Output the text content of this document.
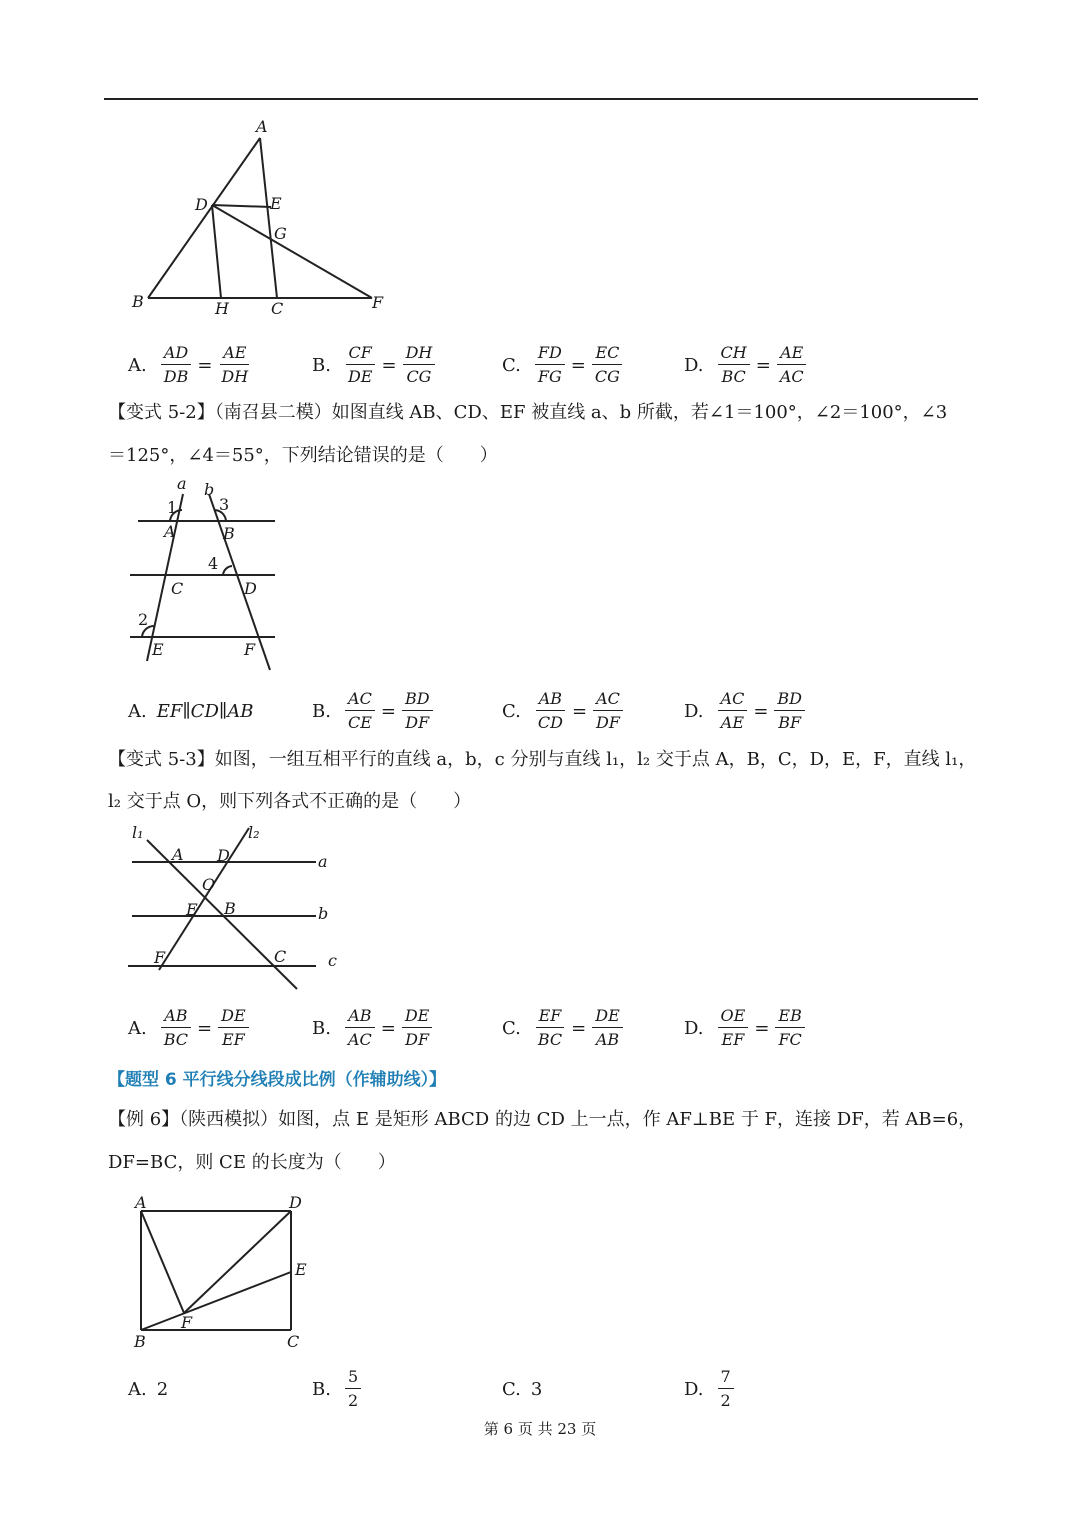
A
D	E
G
B	H	C	F
A. $\frac{AD}{DB} = \frac{AE}{DH}$	B. $\frac{CF}{DE} = \frac{DH}{CG}$	C. $\frac{FD}{FG} = \frac{EC}{CG}$	D. $\frac{CH}{BC} = \frac{AE}{AC}$
【变式 5-2】（南召县二模）如图直线 AB、CD、EF 被直线 a、b 所截，若∠1＝100°，∠2＝100°，∠3
＝125°，∠4＝55°，下列结论错误的是（　　）
a b
1	3
A	B
4
C	D
2
E	F
A. EF∥CD∥AB	B. $\frac{AC}{CE} = \frac{BD}{DF}$	C. $\frac{AB}{CD} = \frac{AC}{DF}$	D. $\frac{AC}{AE} = \frac{BD}{BF}$
【变式 5-3】如图，一组互相平行的直线 a，b，c 分别与直线 l₁，l₂ 交于点 A，B，C，D，E，F，直线 l₁，
l₂ 交于点 O，则下列各式不正确的是（　　）
l₁	l₂
A D	a
O
E B	b
F	C	c
A. $\frac{AB}{BC} = \frac{DE}{EF}$	B. $\frac{AB}{AC} = \frac{DE}{DF}$	C. $\frac{EF}{BC} = \frac{DE}{AB}$	D. $\frac{OE}{EF} = \frac{EB}{FC}$
【题型 6 平行线分线段成比例（作辅助线）】
【例 6】（陕西模拟）如图，点 E 是矩形 ABCD 的边 CD 上一点，作 AF⊥BE 于 F，连接 DF，若 AB=6，
DF=BC，则 CE 的长度为（　　）
A	D
E
B
F
C
A. 2	B. $\frac{5}{2}$	C. 3	D. $\frac{7}{2}$
第 6 页 共 23 页
